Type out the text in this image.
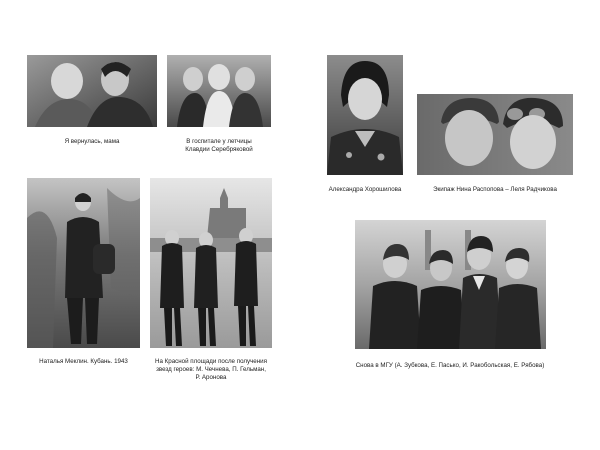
Я вернулась, мама	В госпитале у летчицы
Клавдии Серебряковой
Наталья Меклин. Кубань. 1943	На Красной площади после получения
звезд героев: М. Чечнева, П. Гельман,
Р. Аронова
Александра Хорошилова	Экипаж Нина Распопова – Леля Радчикова
Снова в МГУ (А. Зубкова, Е. Пасько, И. Ракобольская, Е. Рябова)
